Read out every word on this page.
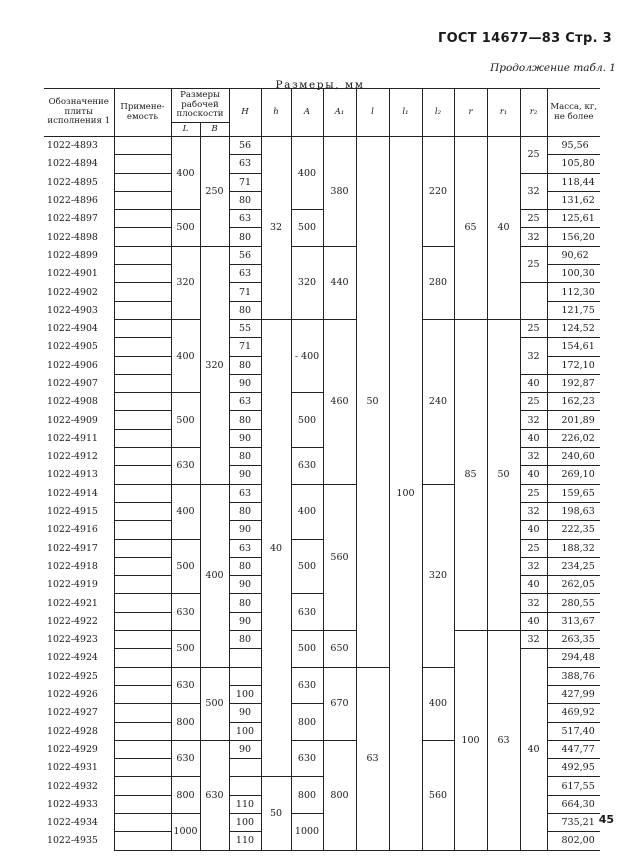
ГОСТ 14677—83 Стр. 3
Продолжение табл. 1
Размеры, мм
Обозначение плиты исполнения 1	Примене-емость	Размеры рабочей плоскости		H	h	A	A₁	l	l₁	l₂	r	r₁	r₂	Масса, кг, не более
		L	B											
1022-4893		400	250	56	32	400	380	50	100	220	65	40	25	95,56
1022-4894				63										105,80
1022-4895				71									32	118,44
1022-4896				80										131,62
1022-4897		500		63		500							25	125,61
1022-4898				80									32	156,20
1022-4899		320	320	56		320	440			280			25	90,62
1022-4901				63										100,30
1022-4902				71										112,30
1022-4903				80										121,75
1022-4904		400		55	40	- 400	460			240	85	50	25	124,52
1022-4905				71									32	154,61
1022-4906				80										172,10
1022-4907				90									40	192,87
1022-4908		500		63		500							25	162,23
1022-4909				80									32	201,89
1022-4911				90									40	226,02
1022-4912		630		80		630							32	240,60
1022-4913				90									40	269,10
1022-4914		400	400	63		400	560			320			25	159,65
1022-4915				80									32	198,63
1022-4916				90									40	222,35
1022-4917		500		63		500							25	188,32
1022-4918				80									32	234,25
1022-4919				90									40	262,05
1022-4921		630		80		630							32	280,55
1022-4922				90									40	313,67
1022-4923		500		80		500	650				100	63	32	263,35
1022-4924													40	294,48
1022-4925		630	500			630	670	63		400				388,76
1022-4926				100										427,99
1022-4927		800		90		800								469,92
1022-4928				100										517,40
1022-4929		630	630	90		630	800			560				447,77
1022-4931														492,95
1022-4932		800			50	800								617,55
1022-4933				110										664,30
1022-4934		1000		100		1000								735,21
1022-4935				110										802,00
45
